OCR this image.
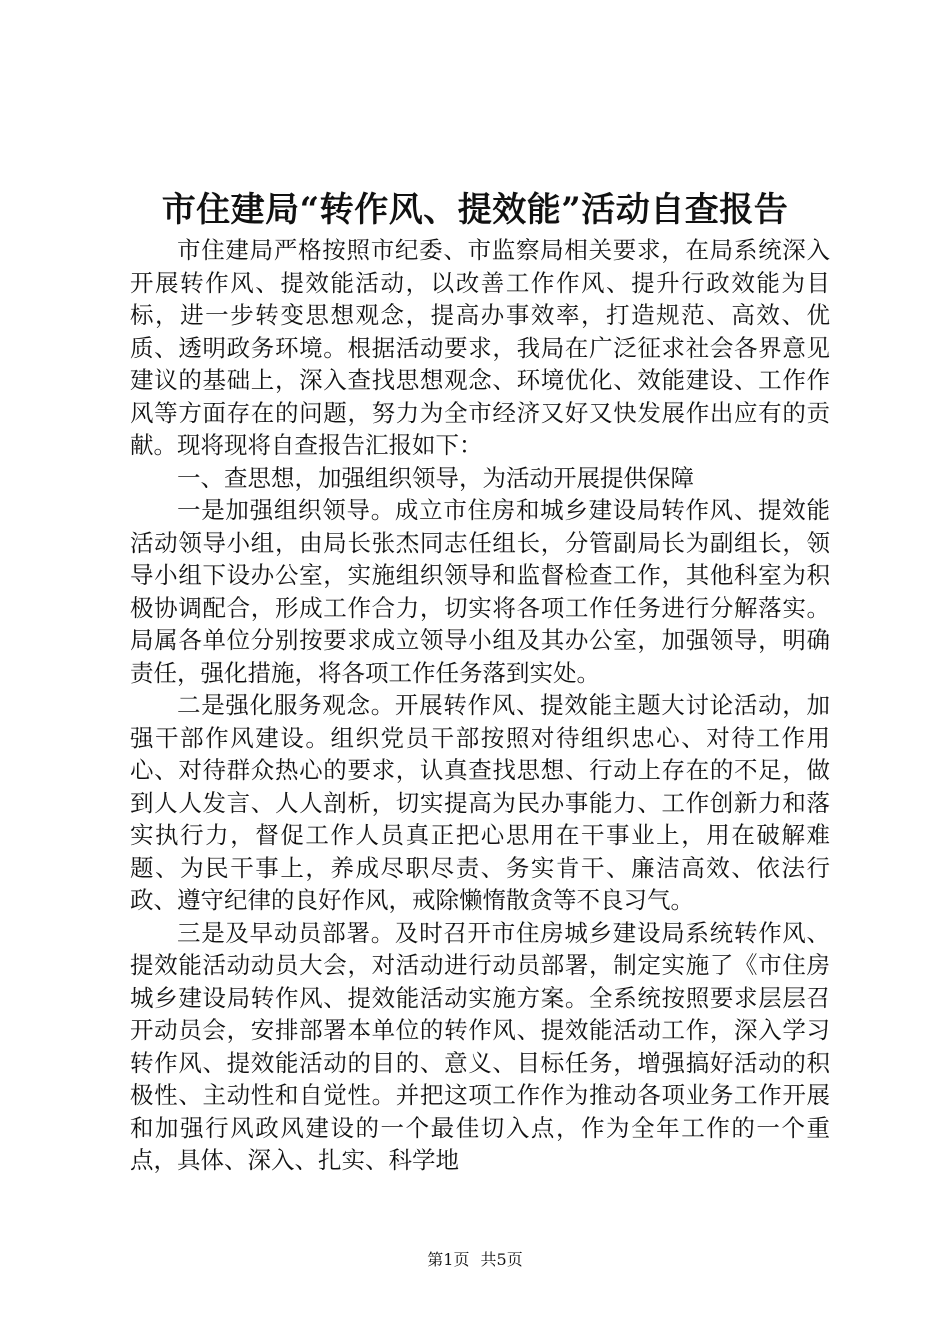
市住建局“转作风、提效能”活动自查报告

市住建局严格按照市纪委、市监察局相关要求，在局系统深入开展转作风、提效能活动，以改善工作作风、提升行政效能为目标，进一步转变思想观念，提高办事效率，打造规范、高效、优质、透明政务环境。根据活动要求，我局在广泛征求社会各界意见建议的基础上，深入查找思想观念、环境优化、效能建设、工作作风等方面存在的问题，努力为全市经济又好又快发展作出应有的贡献。现将现将自查报告汇报如下：

一、查思想，加强组织领导，为活动开展提供保障

一是加强组织领导。成立市住房和城乡建设局转作风、提效能活动领导小组，由局长张杰同志任组长，分管副局长为副组长，领导小组下设办公室，实施组织领导和监督检查工作，其他科室为积极协调配合，形成工作合力，切实将各项工作任务进行分解落实。局属各单位分别按要求成立领导小组及其办公室，加强领导，明确责任，强化措施，将各项工作任务落到实处。

二是强化服务观念。开展转作风、提效能主题大讨论活动，加强干部作风建设。组织党员干部按照对待组织忠心、对待工作用心、对待群众热心的要求，认真查找思想、行动上存在的不足，做到人人发言、人人剖析，切实提高为民办事能力、工作创新力和落实执行力，督促工作人员真正把心思用在干事业上，用在破解难题、为民干事上，养成尽职尽责、务实肯干、廉洁高效、依法行政、遵守纪律的良好作风，戒除懒惰散贪等不良习气。

三是及早动员部署。及时召开市住房城乡建设局系统转作风、提效能活动动员大会，对活动进行动员部署，制定实施了《市住房城乡建设局转作风、提效能活动实施方案。全系统按照要求层层召开动员会，安排部署本单位的转作风、提效能活动工作，深入学习转作风、提效能活动的目的、意义、目标任务，增强搞好活动的积极性、主动性和自觉性。并把这项工作作为推动各项业务工作开展和加强行风政风建设的一个最佳切入点，作为全年工作的一个重点，具体、深入、扎实、科学地

第1页 共5页
